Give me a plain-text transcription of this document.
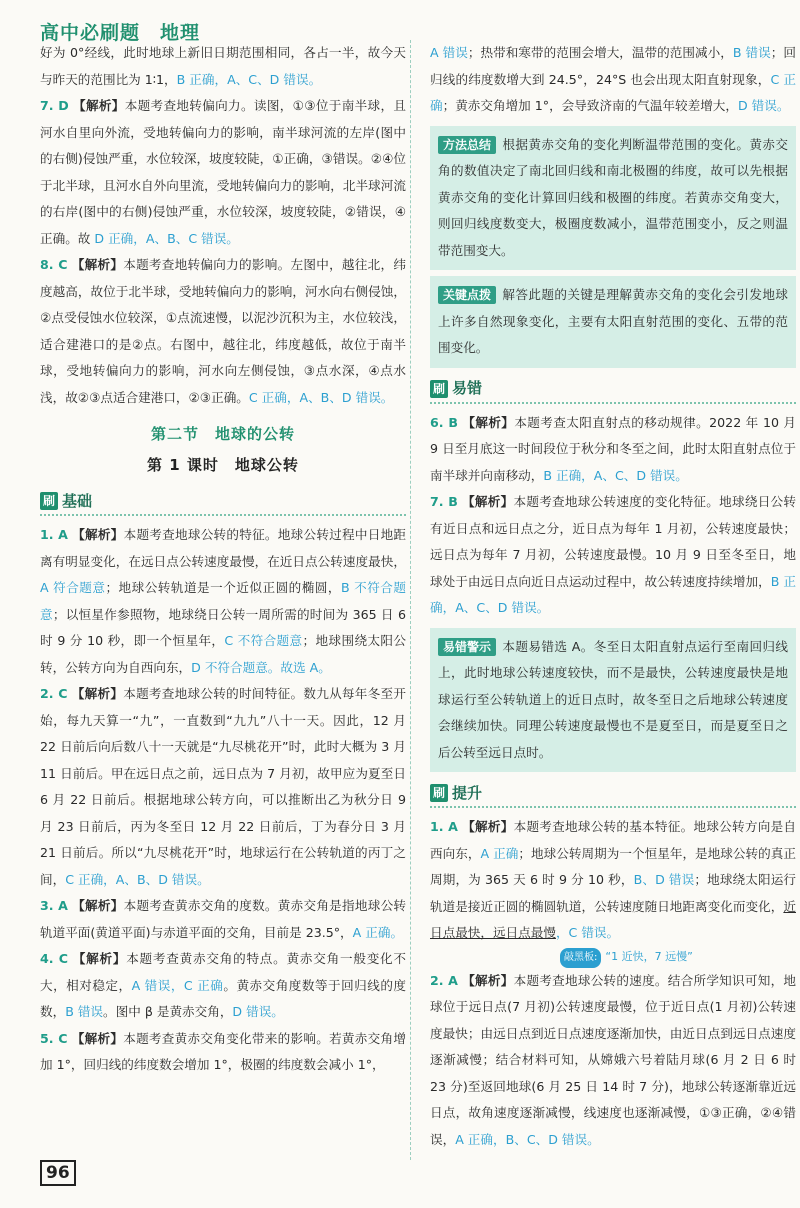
高中必刷题　地理

好为 0°经线，此时地球上新旧日期范围相同，各占一半，故今天与昨天的范围比为 1∶1，B 正确，A、C、D 错误。

7. D 【解析】本题考查地转偏向力。读图，①③位于南半球，且河水自里向外流，受地转偏向力的影响，南半球河流的左岸(图中的右侧)侵蚀严重，水位较深，坡度较陡，①正确，③错误。②④位于北半球，且河水自外向里流，受地转偏向力的影响，北半球河流的右岸(图中的右侧)侵蚀严重，水位较深，坡度较陡，②错误，④正确。故 D 正确，A、B、C 错误。

8. C 【解析】本题考查地转偏向力的影响。左图中，越往北，纬度越高，故位于北半球，受地转偏向力的影响，河水向右侧侵蚀，②点受侵蚀水位较深，①点流速慢，以泥沙沉积为主，水位较浅，适合建港口的是②点。右图中，越往北，纬度越低，故位于南半球，受地转偏向力的影响，河水向左侧侵蚀，③点水深，④点水浅，故②③点适合建港口，②③正确。C 正确，A、B、D 错误。

第二节　地球的公转
第 1 课时　地球公转
刷 基础

1. A 【解析】本题考查地球公转的特征。地球公转过程中日地距离有明显变化，在远日点公转速度最慢，在近日点公转速度最快，A 符合题意；地球公转轨道是一个近似正圆的椭圆，B 不符合题意；以恒星作参照物，地球绕日公转一周所需的时间为 365 日 6 时 9 分 10 秒，即一个恒星年，C 不符合题意；地球围绕太阳公转，公转方向为自西向东，D 不符合题意。故选 A。

2. C 【解析】本题考查地球公转的时间特征。数九从每年冬至开始，每九天算一“九”，一直数到“九九”八十一天。因此，12 月 22 日前后向后数八十一天就是“九尽桃花开”时，此时大概为 3 月 11 日前后。甲在远日点之前，远日点为 7 月初，故甲应为夏至日 6 月 22 日前后。根据地球公转方向，可以推断出乙为秋分日 9 月 23 日前后，丙为冬至日 12 月 22 日前后，丁为春分日 3 月 21 日前后。所以“九尽桃花开”时，地球运行在公转轨道的丙丁之间，C 正确，A、B、D 错误。

3. A 【解析】本题考查黄赤交角的度数。黄赤交角是指地球公转轨道平面(黄道平面)与赤道平面的交角，目前是 23.5°，A 正确。

4. C 【解析】本题考查黄赤交角的特点。黄赤交角一般变化不大，相对稳定，A 错误，C 正确。黄赤交角度数等于回归线的度数，B 错误。图中 β 是黄赤交角，D 错误。

5. C 【解析】本题考查黄赤交角变化带来的影响。若黄赤交角增加 1°，回归线的纬度数会增加 1°，极圈的纬度数会减小 1°，

A 错误；热带和寒带的范围会增大，温带的范围减小，B 错误；回归线的纬度数增大到 24.5°，24°S 也会出现太阳直射现象，C 正确；黄赤交角增加 1°，会导致济南的气温年较差增大，D 错误。

方法总结 根据黄赤交角的变化判断温带范围的变化。黄赤交角的数值决定了南北回归线和南北极圈的纬度，故可以先根据黄赤交角的变化计算回归线和极圈的纬度。若黄赤交角变大，则回归线度数变大，极圈度数减小，温带范围变小，反之则温带范围变大。

关键点拨 解答此题的关键是理解黄赤交角的变化会引发地球上许多自然现象变化，主要有太阳直射范围的变化、五带的范围变化。

刷 易错

6. B 【解析】本题考查太阳直射点的移动规律。2022 年 10 月 9 日至月底这一时间段位于秋分和冬至之间，此时太阳直射点位于南半球并向南移动，B 正确，A、C、D 错误。

7. B 【解析】本题考查地球公转速度的变化特征。地球绕日公转有近日点和远日点之分，近日点为每年 1 月初，公转速度最快；远日点为每年 7 月初，公转速度最慢。10 月 9 日至冬至日，地球处于由远日点向近日点运动过程中，故公转速度持续增加，B 正确，A、C、D 错误。

易错警示 本题易错选 A。冬至日太阳直射点运行至南回归线上，此时地球公转速度较快，而不是最快，公转速度最快是地球运行至公转轨道上的近日点时，故冬至日之后地球公转速度会继续加快。同理公转速度最慢也不是夏至日，而是夏至日之后公转至远日点时。

刷 提升

1. A 【解析】本题考查地球公转的基本特征。地球公转方向是自西向东，A 正确；地球公转周期为一个恒星年，是地球公转的真正周期，为 365 天 6 时 9 分 10 秒，B、D 错误；地球绕太阳运行轨道是接近正圆的椭圆轨道，公转速度随日地距离变化而变化，近日点最快，远日点最慢，C 错误。

敲黑板: “1 近快，7 远慢”

2. A 【解析】本题考查地球公转的速度。结合所学知识可知，地球位于远日点(7 月初)公转速度最慢，位于近日点(1 月初)公转速度最快；由远日点到近日点速度逐渐加快，由近日点到远日点速度逐渐减慢；结合材料可知，从嫦娥六号着陆月球(6 月 2 日 6 时 23 分)至返回地球(6 月 25 日 14 时 7 分)，地球公转逐渐靠近远日点，故角速度逐渐减慢，线速度也逐渐减慢，①③正确，②④错误，A 正确，B、C、D 错误。

96
